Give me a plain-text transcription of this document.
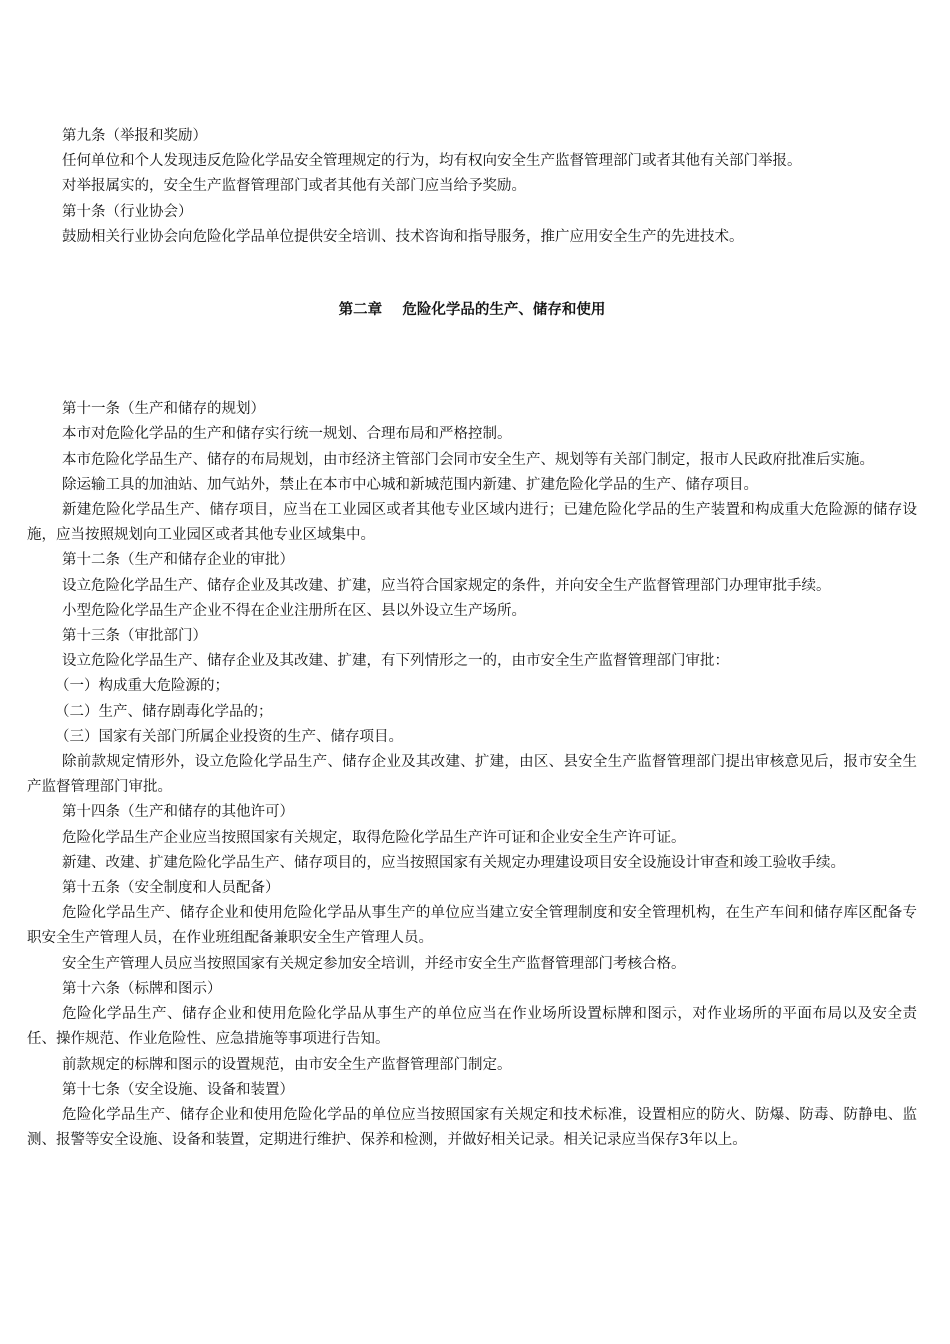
第九条（举报和奖励）

任何单位和个人发现违反危险化学品安全管理规定的行为，均有权向安全生产监督管理部门或者其他有关部门举报。

对举报属实的，安全生产监督管理部门或者其他有关部门应当给予奖励。

第十条（行业协会）

鼓励相关行业协会向危险化学品单位提供安全培训、技术咨询和指导服务，推广应用安全生产的先进技术。

第二章    危险化学品的生产、储存和使用

第十一条（生产和储存的规划）

本市对危险化学品的生产和储存实行统一规划、合理布局和严格控制。

本市危险化学品生产、储存的布局规划，由市经济主管部门会同市安全生产、规划等有关部门制定，报市人民政府批准后实施。

除运输工具的加油站、加气站外，禁止在本市中心城和新城范围内新建、扩建危险化学品的生产、储存项目。

新建危险化学品生产、储存项目，应当在工业园区或者其他专业区域内进行；已建危险化学品的生产装置和构成重大危险源的储存设施，应当按照规划向工业园区或者其他专业区域集中。

第十二条（生产和储存企业的审批）

设立危险化学品生产、储存企业及其改建、扩建，应当符合国家规定的条件，并向安全生产监督管理部门办理审批手续。

小型危险化学品生产企业不得在企业注册所在区、县以外设立生产场所。

第十三条（审批部门）

设立危险化学品生产、储存企业及其改建、扩建，有下列情形之一的，由市安全生产监督管理部门审批：

（一）构成重大危险源的；

（二）生产、储存剧毒化学品的；

（三）国家有关部门所属企业投资的生产、储存项目。

除前款规定情形外，设立危险化学品生产、储存企业及其改建、扩建，由区、县安全生产监督管理部门提出审核意见后，报市安全生产监督管理部门审批。

第十四条（生产和储存的其他许可）

危险化学品生产企业应当按照国家有关规定，取得危险化学品生产许可证和企业安全生产许可证。

新建、改建、扩建危险化学品生产、储存项目的，应当按照国家有关规定办理建设项目安全设施设计审查和竣工验收手续。

第十五条（安全制度和人员配备）

危险化学品生产、储存企业和使用危险化学品从事生产的单位应当建立安全管理制度和安全管理机构，在生产车间和储存库区配备专职安全生产管理人员，在作业班组配备兼职安全生产管理人员。

安全生产管理人员应当按照国家有关规定参加安全培训，并经市安全生产监督管理部门考核合格。

第十六条（标牌和图示）

危险化学品生产、储存企业和使用危险化学品从事生产的单位应当在作业场所设置标牌和图示，对作业场所的平面布局以及安全责任、操作规范、作业危险性、应急措施等事项进行告知。

前款规定的标牌和图示的设置规范，由市安全生产监督管理部门制定。

第十七条（安全设施、设备和装置）

危险化学品生产、储存企业和使用危险化学品的单位应当按照国家有关规定和技术标准，设置相应的防火、防爆、防毒、防静电、监测、报警等安全设施、设备和装置，定期进行维护、保养和检测，并做好相关记录。相关记录应当保存3年以上。
